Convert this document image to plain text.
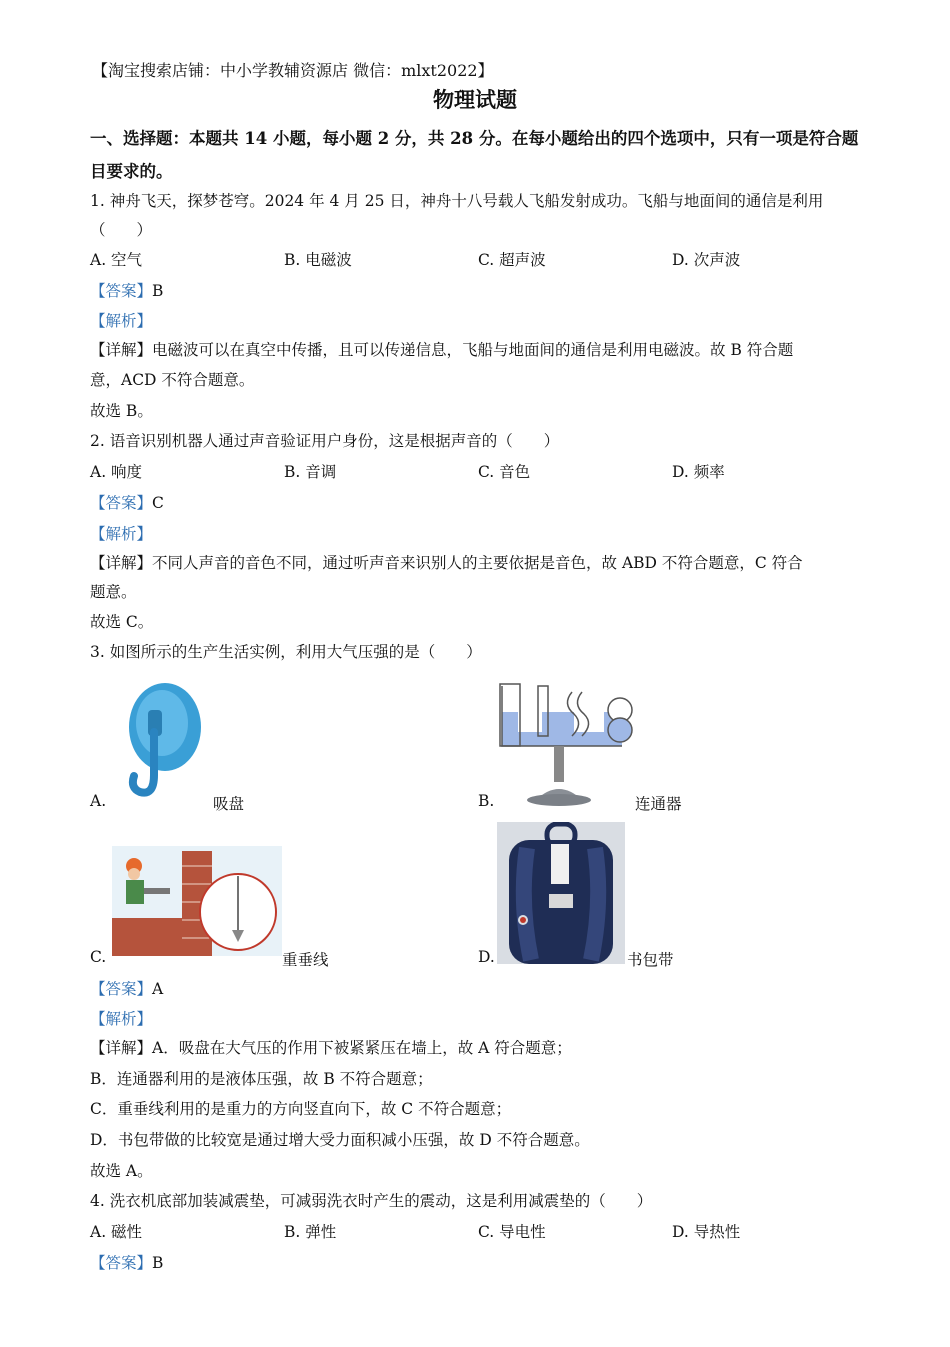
【淘宝搜索店铺：中小学教辅资源店 微信：mlxt2022】
物理试题
一、选择题：本题共 14 小题，每小题 2 分，共 28 分。在每小题给出的四个选项中，只有一项是符合题目要求的。
1. 神舟飞天，探梦苍穹。2024 年 4 月 25 日，神舟十八号载人飞船发射成功。飞船与地面间的通信是利用
（　　）
A. 空气	B. 电磁波	C. 超声波	D. 次声波
【答案】B
【解析】
【详解】电磁波可以在真空中传播，且可以传递信息，飞船与地面间的通信是利用电磁波。故 B 符合题
意，ACD 不符合题意。
故选 B。
2. 语音识别机器人通过声音验证用户身份，这是根据声音的（　　）
A. 响度	B. 音调	C. 音色	D. 频率
【答案】C
【解析】
【详解】不同人声音的音色不同，通过听声音来识别人的主要依据是音色，故 ABD 不符合题意，C 符合
题意。
故选 C。
3. 如图所示的生产生活实例，利用大气压强的是（　　）
A.	吸盘	B.	连通器
C.	重垂线	D.	书包带
【答案】A
【解析】
【详解】A．吸盘在大气压的作用下被紧紧压在墙上，故 A 符合题意；
B．连通器利用的是液体压强，故 B 不符合题意；
C．重垂线利用的是重力的方向竖直向下，故 C 不符合题意；
D．书包带做的比较宽是通过增大受力面积减小压强，故 D 不符合题意。
故选 A。
4. 洗衣机底部加装减震垫，可减弱洗衣时产生的震动，这是利用减震垫的（　　）
A. 磁性	B. 弹性	C. 导电性	D. 导热性
【答案】B
